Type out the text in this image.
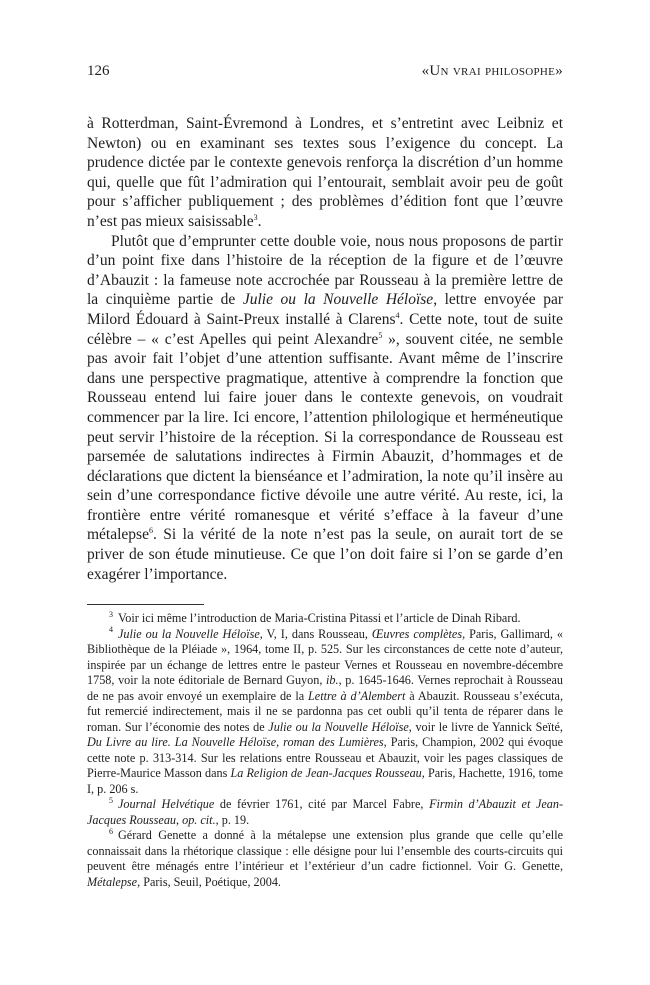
126	«Un vrai philosophe»

à Rotterdman, Saint-Évremond à Londres, et s’entretint avec Leibniz et Newton) ou en examinant ses textes sous l’exigence du concept. La prudence dictée par le contexte genevois renforça la discrétion d’un homme qui, quelle que fût l’admiration qui l’entourait, semblait avoir peu de goût pour s’afficher publiquement ; des problèmes d’édition font que l’œuvre n’est pas mieux saisissable$^3$.

Plutôt que d’emprunter cette double voie, nous nous proposons de partir d’un point fixe dans l’histoire de la réception de la figure et de l’œuvre d’Abauzit : la fameuse note accrochée par Rousseau à la première lettre de la cinquième partie de Julie ou la Nouvelle Héloïse, lettre envoyée par Milord Édouard à Saint-Preux installé à Clarens$^4$. Cette note, tout de suite célèbre – « c’est Apelles qui peint Alexandre$^5$ », souvent citée, ne semble pas avoir fait l’objet d’une attention suffisante. Avant même de l’inscrire dans une perspective pragmatique, attentive à comprendre la fonction que Rousseau entend lui faire jouer dans le contexte genevois, on voudrait commencer par la lire. Ici encore, l’attention philologique et herméneutique peut servir l’histoire de la réception. Si la correspondance de Rousseau est parsemée de salutations indirectes à Firmin Abauzit, d’hommages et de déclarations que dictent la bienséance et l’admiration, la note qu’il insère au sein d’une correspondance fictive dévoile une autre vérité. Au reste, ici, la frontière entre vérité romanesque et vérité s’efface à la faveur d’une métalepse$^6$. Si la vérité de la note n’est pas la seule, on aurait tort de se priver de son étude minutieuse. Ce que l’on doit faire si l’on se garde d’en exagérer l’importance.

$^3$ Voir ici même l’introduction de Maria-Cristina Pitassi et l’article de Dinah Ribard.

$^4$ Julie ou la Nouvelle Héloïse, V, I, dans Rousseau, Œuvres complètes, Paris, Gallimard, « Bibliothèque de la Pléiade », 1964, tome II, p. 525. Sur les circonstances de cette note d’auteur, inspirée par un échange de lettres entre le pasteur Vernes et Rousseau en novembre-décembre 1758, voir la note éditoriale de Bernard Guyon, ib., p. 1645-1646. Vernes reprochait à Rousseau de ne pas avoir envoyé un exemplaire de la Lettre à d’Alembert à Abauzit. Rousseau s’exécuta, fut remercié indirectement, mais il ne se pardonna pas cet oubli qu’il tenta de réparer dans le roman. Sur l’économie des notes de Julie ou la Nouvelle Héloïse, voir le livre de Yannick Seïté, Du Livre au lire. La Nouvelle Héloïse, roman des Lumières, Paris, Champion, 2002 qui évoque cette note p. 313-314. Sur les relations entre Rousseau et Abauzit, voir les pages classiques de Pierre-Maurice Masson dans La Religion de Jean-Jacques Rousseau, Paris, Hachette, 1916, tome I, p. 206 s.

$^5$ Journal Helvétique de février 1761, cité par Marcel Fabre, Firmin d’Abauzit et Jean-Jacques Rousseau, op. cit., p. 19.

$^6$ Gérard Genette a donné à la métalepse une extension plus grande que celle qu’elle connaissait dans la rhétorique classique : elle désigne pour lui l’ensemble des courts-circuits qui peuvent être ménagés entre l’intérieur et l’extérieur d’un cadre fictionnel. Voir G. Genette, Métalepse, Paris, Seuil, Poétique, 2004.
